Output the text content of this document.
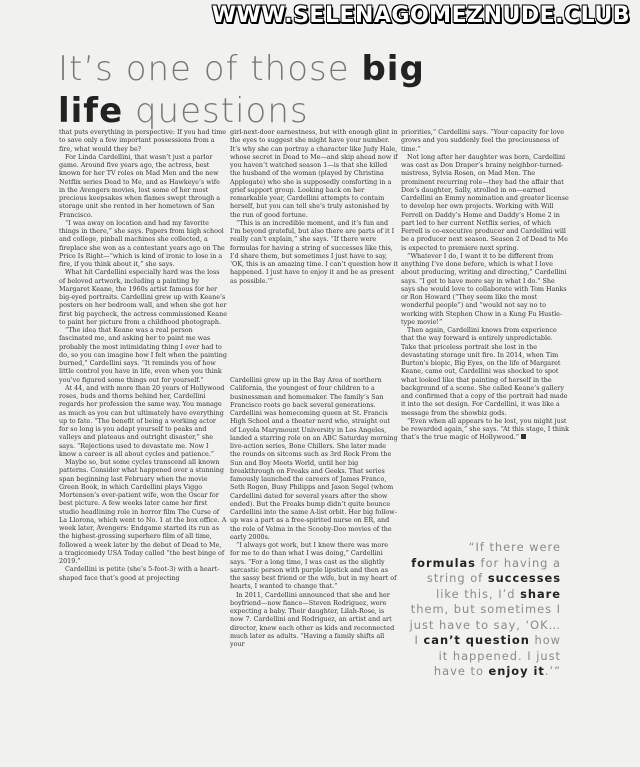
WWW.SELENAGOMEZNUDE.CLUB
It’s one of those big
life questions

that puts everything in perspective: If you had time to save only a few important possessions from a fire, what would they be?

For Linda Cardellini, that wasn’t just a parlor game. Around five years ago, the actress, best known for her TV roles on Mad Men and the new Netflix series Dead to Me, and as Hawkeye’s wife in the Avengers movies, lost some of her most precious keepsakes when flames swept through a storage unit she rented in her hometown of San Francisco.

“I was away on location and had my favorite things in there,” she says. Papers from high school and college, pinball machines she collected, a fireplace she won as a contestant years ago on The Price Is Right—“which is kind of ironic to lose in a fire, if you think about it,” she says.

What hit Cardellini especially hard was the loss of beloved artwork, including a painting by Margaret Keane, the 1960s artist famous for her big-eyed portraits. Cardellini grew up with Keane’s posters on her bedroom wall, and when she got her first big paycheck, the actress commissioned Keane to paint her picture from a childhood photograph.

“The idea that Keane was a real person fascinated me, and asking her to paint me was probably the most intimidating thing I ever had to do, so you can imagine how I felt when the painting burned,” Cardellini says. “It reminds you of how little control you have in life, even when you think you’ve figured some things out for yourself.”

At 44, and with more than 20 years of Hollywood roses, buds and thorns behind her, Cardellini regards her profession the same way. You manage as much as you can but ultimately have everything up to fate. “The benefit of being a working actor for so long is you adapt yourself to peaks and valleys and plateaus and outright disaster,” she says. “Rejections used to devastate me. Now I know a career is all about cycles and patience.”

Maybe so, but some cycles transcend all known patterns. Consider what happened over a stunning span beginning last February when the movie Green Book, in which Cardellini plays Viggo Mortensen’s ever-patient wife, won the Oscar for best picture. A few weeks later came her first studio headlining role in horror film The Curse of La Llorona, which went to No. 1 at the box office. A week later, Avengers: Endgame started its run as the highest-grossing superhero film of all time, followed a week later by the debut of Dead to Me, a tragicomedy USA Today called “the best binge of 2019.”

Cardellini is petite (she’s 5-foot-3) with a heart-shaped face that’s good at projecting

girl-next-door earnestness, but with enough glint in the eyes to suggest she might have your number. It’s why she can portray a character like Judy Hale, whose secret in Dead to Me—and skip ahead now if you haven’t watched season 1—is that she killed the husband of the woman (played by Christina Applegate) who she is supposedly comforting in a grief support group. Looking back on her remarkable year, Cardellini attempts to contain herself, but you can tell she’s truly astonished by the run of good fortune.

“This is an incredible moment, and it’s fun and I’m beyond grateful, but also there are parts of it I really can’t explain,” she says. “If there were formulas for having a string of successes like this, I’d share them, but sometimes I just have to say, ‘OK, this is an amazing time. I can’t question how it happened. I just have to enjoy it and be as present as possible.’”

Cardellini grew up in the Bay Area of northern California, the youngest of four children to a businessman and homemaker. The family’s San Francisco roots go back several generations. Cardellini was homecoming queen at St. Francis High School and a theater nerd who, straight out of Loyola Marymount University in Los Angeles, landed a starring role on an ABC Saturday morning live-action series, Bone Chillers. She later made the rounds on sitcoms such as 3rd Rock From the Sun and Boy Meets World, until her big breakthrough on Freaks and Geeks. That series famously launched the careers of James Franco, Seth Rogen, Busy Philipps and Jason Segel (whom Cardellini dated for several years after the show ended). But the Freaks bump didn’t quite bounce Cardellini into the same A-list orbit. Her big follow-up was a part as a free-spirited nurse on ER, and the role of Velma in the Scooby-Doo movies of the early 2000s.

“I always got work, but I knew there was more for me to do than what I was doing,” Cardellini says. “For a long time, I was cast as the slightly sarcastic person with purple lipstick and then as the sassy best friend or the wife, but in my heart of hearts, I wanted to change that.”

In 2011, Cardellini announced that she and her boyfriend—now fiance—Steven Rodriguez, were expecting a baby. Their daughter, Lilah-Rose, is now 7. Cardellini and Rodriguez, an artist and art director, knew each other as kids and reconnected much later as adults. “Having a family shifts all your

priorities,” Cardellini says. “Your capacity for love grows and you suddenly feel the preciousness of time.”

Not long after her daughter was born, Cardellini was cast as Don Draper’s brainy neighbor-turned-mistress, Sylvia Rosen, on Mad Men. The prominent recurring role—they had the affair that Don’s daughter, Sally, strolled in on—earned Cardellini an Emmy nomination and greater license to develop her own projects. Working with Will Ferrell on Daddy’s Home and Daddy’s Home 2 in part led to her current Netflix series, of which Ferrell is co-executive producer and Cardellini will be a producer next season. Season 2 of Dead to Me is expected to premiere next spring.

“Whatever I do, I want it to be different from anything I’ve done before, which is what I love about producing, writing and directing,” Cardellini says. “I get to have more say in what I do.” She says she would love to collaborate with Tom Hanks or Ron Howard (“They seem like the most wonderful people”) and “would not say no to working with Stephen Chow in a Kung Fu Hustle-type movie!”

Then again, Cardellini knows from experience that the way forward is entirely unpredictable. Take that priceless portrait she lost in the devastating storage unit fire. In 2014, when Tim Burton’s biopic, Big Eyes, on the life of Margaret Keane, came out, Cardellini was shocked to spot what looked like that painting of herself in the background of a scene. She called Keane’s gallery and confirmed that a copy of the portrait had made it into the set design. For Cardellini, it was like a message from the showbiz gods.

“Even when all appears to be lost, you might just be rewarded again,” she says. “At this stage, I think that’s the true magic of Hollywood.”

“If there were formulas for having a string of successes like this, I’d share them, but sometimes I just have to say, ‘OK… I can’t question how it happened. I just have to enjoy it.’”
